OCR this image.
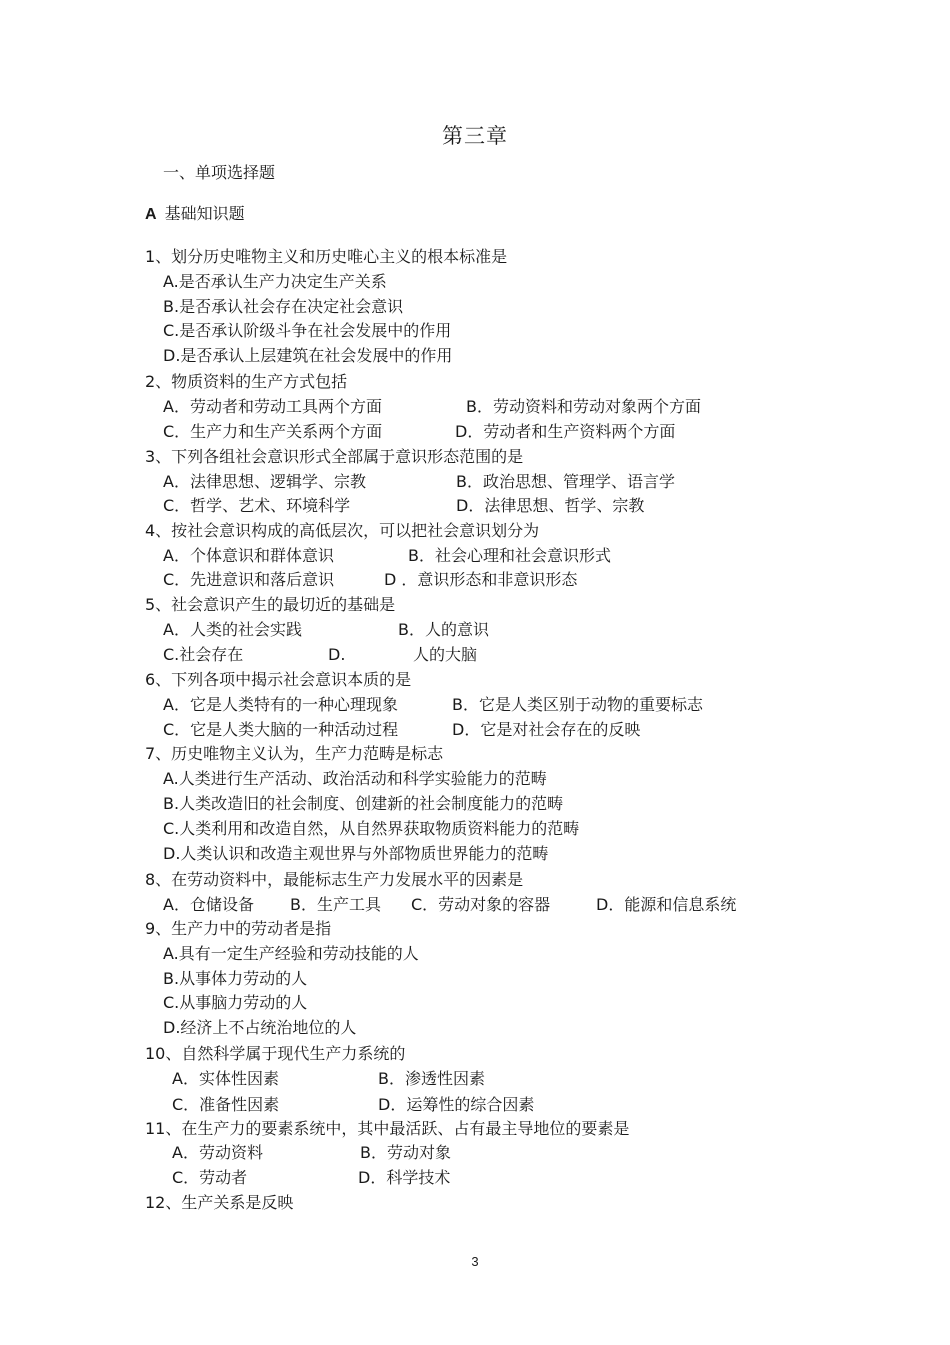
第三章
一、单项选择题
A 基础知识题
1、划分历史唯物主义和历史唯心主义的根本标准是
A.是否承认生产力决定生产关系
B.是否承认社会存在决定社会意识
C.是否承认阶级斗争在社会发展中的作用
D.是否承认上层建筑在社会发展中的作用
2、物质资料的生产方式包括
A．劳动者和劳动工具两个方面	B．劳动资料和劳动对象两个方面
C．生产力和生产关系两个方面	D．劳动者和生产资料两个方面
3、下列各组社会意识形式全部属于意识形态范围的是
A．法律思想、逻辑学、宗教	B．政治思想、管理学、语言学
C．哲学、艺术、环境科学	D．法律思想、哲学、宗教
4、按社会意识构成的高低层次，可以把社会意识划分为
A．个体意识和群体意识	B．社会心理和社会意识形式
C．先进意识和落后意识	D ．意识形态和非意识形态
5、社会意识产生的最切近的基础是
A．人类的社会实践	B．人的意识
C.社会存在	D.	人的大脑
6、下列各项中揭示社会意识本质的是
A．它是人类特有的一种心理现象	B．它是人类区别于动物的重要标志
C．它是人类大脑的一种活动过程	D．它是对社会存在的反映
7、历史唯物主义认为，生产力范畴是标志
A.人类进行生产活动、政治活动和科学实验能力的范畴
B.人类改造旧的社会制度、创建新的社会制度能力的范畴
C.人类利用和改造自然，从自然界获取物质资料能力的范畴
D.人类认识和改造主观世界与外部物质世界能力的范畴
8、在劳动资料中，最能标志生产力发展水平的因素是
A．仓储设备 B．生产工具 C．劳动对象的容器	D．能源和信息系统
9、生产力中的劳动者是指
A.具有一定生产经验和劳动技能的人
B.从事体力劳动的人
C.从事脑力劳动的人
D.经济上不占统治地位的人
10、自然科学属于现代生产力系统的
A．实体性因素	B．渗透性因素
C．准备性因素	D．运筹性的综合因素
11、在生产力的要素系统中，其中最活跃、占有最主导地位的要素是
A．劳动资料	B．劳动对象
C．劳动者	D．科学技术
12、生产关系是反映
3
